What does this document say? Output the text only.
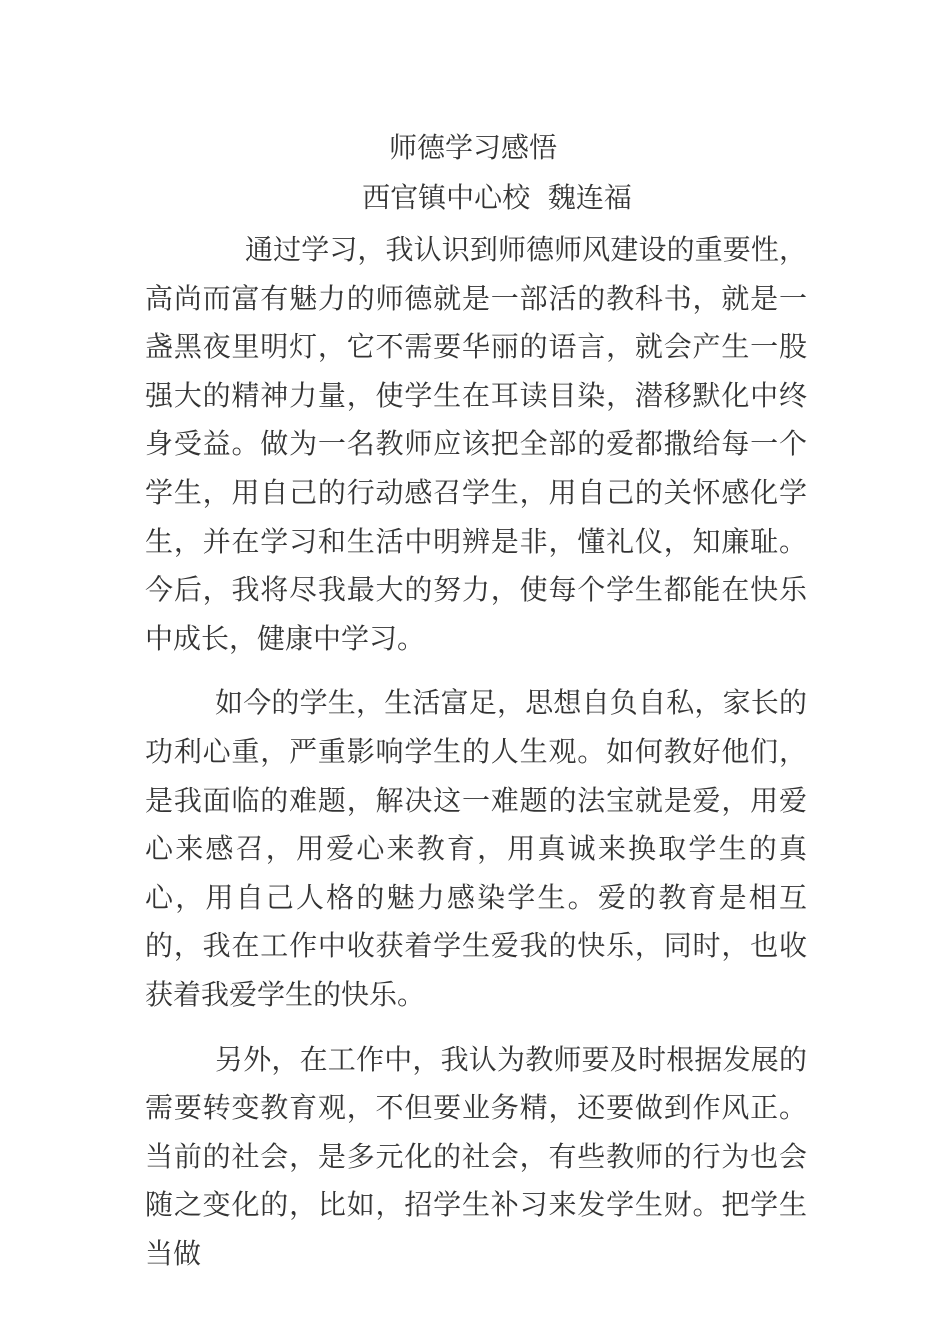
师德学习感悟
西官镇中心校  魏连福

通过学习，我认识到师德师风建设的重要性，高尚而富有魅力的师德就是一部活的教科书，就是一盏黑夜里明灯，它不需要华丽的语言，就会产生一股强大的精神力量，使学生在耳读目染，潜移默化中终身受益。做为一名教师应该把全部的爱都撒给每一个学生，用自己的行动感召学生，用自己的关怀感化学生，并在学习和生活中明辨是非，懂礼仪，知廉耻。今后，我将尽我最大的努力，使每个学生都能在快乐中成长，健康中学习。

如今的学生，生活富足，思想自负自私，家长的功利心重，严重影响学生的人生观。如何教好他们，是我面临的难题，解决这一难题的法宝就是爱，用爱心来感召，用爱心来教育，用真诚来换取学生的真心，用自己人格的魅力感染学生。爱的教育是相互的，我在工作中收获着学生爱我的快乐，同时，也收获着我爱学生的快乐。

另外，在工作中，我认为教师要及时根据发展的需要转变教育观，不但要业务精，还要做到作风正。当前的社会，是多元化的社会，有些教师的行为也会随之变化的，比如，招学生补习来发学生财。把学生当做
